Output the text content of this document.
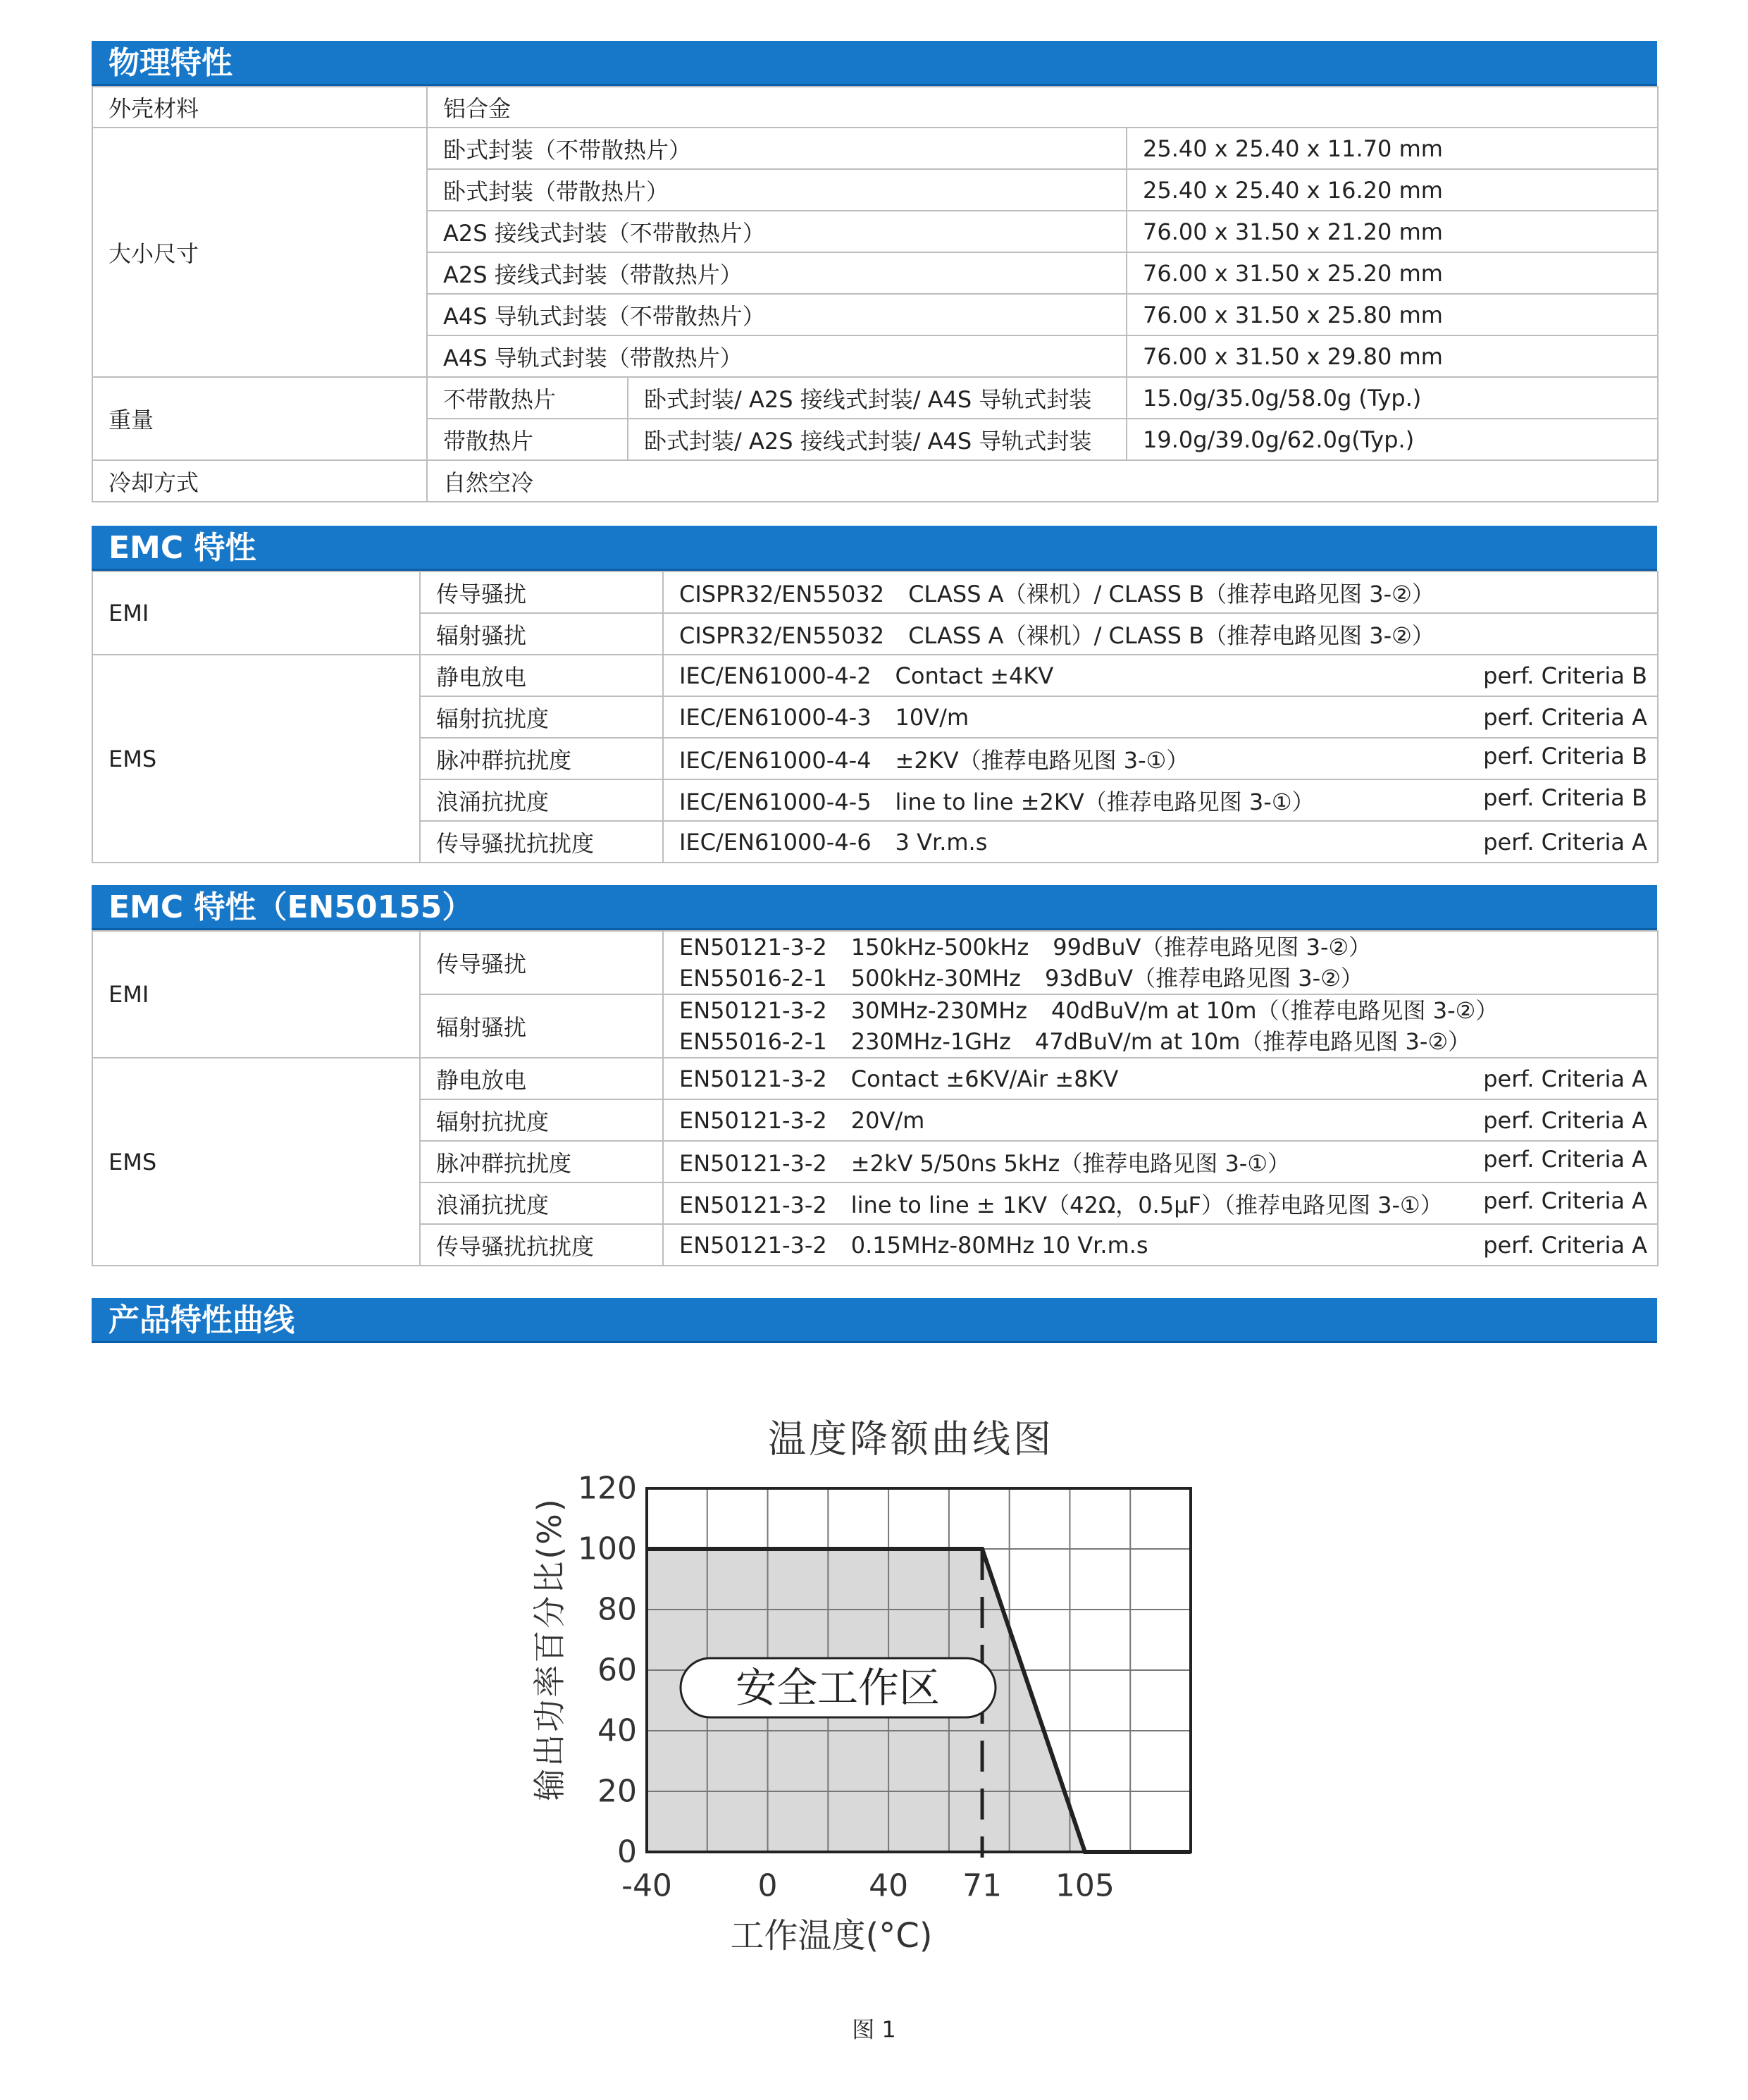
物理特性
外壳材料	铝合金		
大小尺寸	卧式封装（不带散热片）		25.40 x 25.40 x 11.70 mm
	卧式封装（带散热片）		25.40 x 25.40 x 16.20 mm
	A2S 接线式封装（不带散热片）		76.00 x 31.50 x 21.20 mm
	A2S 接线式封装（带散热片）		76.00 x 31.50 x 25.20 mm
	A4S 导轨式封装（不带散热片）		76.00 x 31.50 x 25.80 mm
	A4S 导轨式封装（带散热片）		76.00 x 31.50 x 29.80 mm
重量	不带散热片	卧式封装/ A2S 接线式封装/ A4S 导轨式封装	15.0g/35.0g/58.0g (Typ.)
	带散热片	卧式封装/ A2S 接线式封装/ A4S 导轨式封装	19.0g/39.0g/62.0g(Typ.)
冷却方式	自然空冷		
EMC 特性
EMI	传导骚扰	CISPR32/EN55032 CLASS A（裸机）/ CLASS B（推荐电路见图 3-②）
	辐射骚扰	CISPR32/EN55032 CLASS A（裸机）/ CLASS B（推荐电路见图 3-②）
EMS	静电放电	IEC/EN61000-4-2 Contact ±4KV perf. Criteria B

	辐射抗扰度	IEC/EN61000-4-3 10V/m perf. Criteria A

	脉冲群抗扰度	IEC/EN61000-4-4 ±2KV（推荐电路见图 3-①） perf. Criteria B

	浪涌抗扰度	IEC/EN61000-4-5 line to line ±2KV（推荐电路见图 3-①） perf. Criteria B

	传导骚扰抗扰度	IEC/EN61000-4-6 3 Vr.m.s perf. Criteria A
EMC 特性（EN50155）
EMI	传导骚扰	EN50121-3-2 150kHz-500kHz 99dBuV（推荐电路见图 3-②）
EN55016-2-1 500kHz-30MHz 93dBuV（推荐电路见图 3-②）

	辐射骚扰	EN50121-3-2 30MHz-230MHz 40dBuV/m at 10m（（推荐电路见图 3-②）
EN55016-2-1 230MHz-1GHz 47dBuV/m at 10m（推荐电路见图 3-②）

EMS	静电放电	EN50121-3-2 Contact ±6KV/Air ±8KV perf. Criteria A

	辐射抗扰度	EN50121-3-2 20V/m perf. Criteria A

	脉冲群抗扰度	EN50121-3-2 ±2kV 5/50ns 5kHz（推荐电路见图 3-①） perf. Criteria A

	浪涌抗扰度	EN50121-3-2 line to line ± 1KV（42Ω，0.5μF）（推荐电路见图 3-①） perf. Criteria A

	传导骚扰抗扰度	EN50121-3-2 0.15MHz-80MHz 10 Vr.m.s perf. Criteria A
产品特性曲线
安全工作区
-40	0	40 71 105
0
20
40
60
80
100
120
温度降额曲线图
工作温度(°C)
输出功率百分比(%)
图 1
